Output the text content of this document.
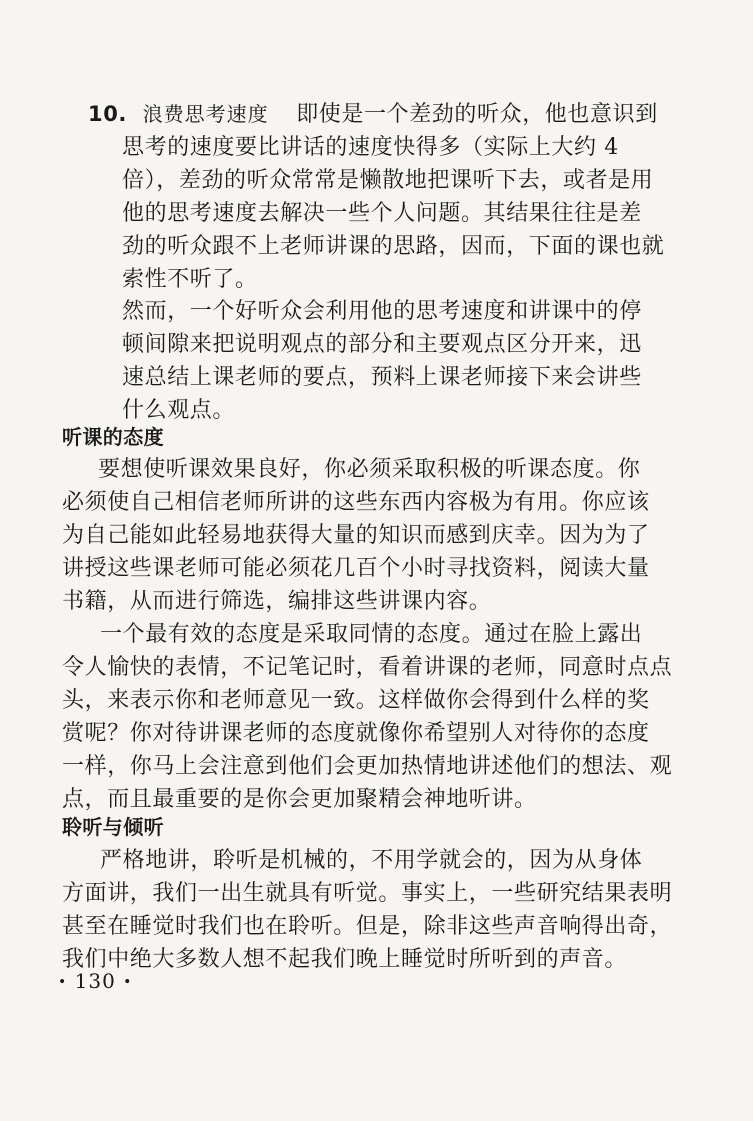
10. 浪费思考速度 即使是一个差劲的听众，他也意识到
思考的速度要比讲话的速度快得多（实际上大约 4
倍），差劲的听众常常是懒散地把课听下去，或者是用
他的思考速度去解决一些个人问题。其结果往往是差
劲的听众跟不上老师讲课的思路，因而，下面的课也就
索性不听了。
然而，一个好听众会利用他的思考速度和讲课中的停
顿间隙来把说明观点的部分和主要观点区分开来，迅
速总结上课老师的要点，预料上课老师接下来会讲些
什么观点。
听课的态度
要想使听课效果良好，你必须采取积极的听课态度。你
必须使自己相信老师所讲的这些东西内容极为有用。你应该
为自己能如此轻易地获得大量的知识而感到庆幸。因为为了
讲授这些课老师可能必须花几百个小时寻找资料，阅读大量
书籍，从而进行筛选，编排这些讲课内容。
一个最有效的态度是采取同情的态度。通过在脸上露出
令人愉快的表情，不记笔记时，看着讲课的老师，同意时点点
头，来表示你和老师意见一致。这样做你会得到什么样的奖
赏呢？你对待讲课老师的态度就像你希望别人对待你的态度
一样，你马上会注意到他们会更加热情地讲述他们的想法、观
点，而且最重要的是你会更加聚精会神地听讲。
聆听与倾听
严格地讲，聆听是机械的，不用学就会的，因为从身体
方面讲，我们一出生就具有听觉。事实上，一些研究结果表明
甚至在睡觉时我们也在聆听。但是，除非这些声音响得出奇，
我们中绝大多数人想不起我们晚上睡觉时所听到的声音。
• 130 •
